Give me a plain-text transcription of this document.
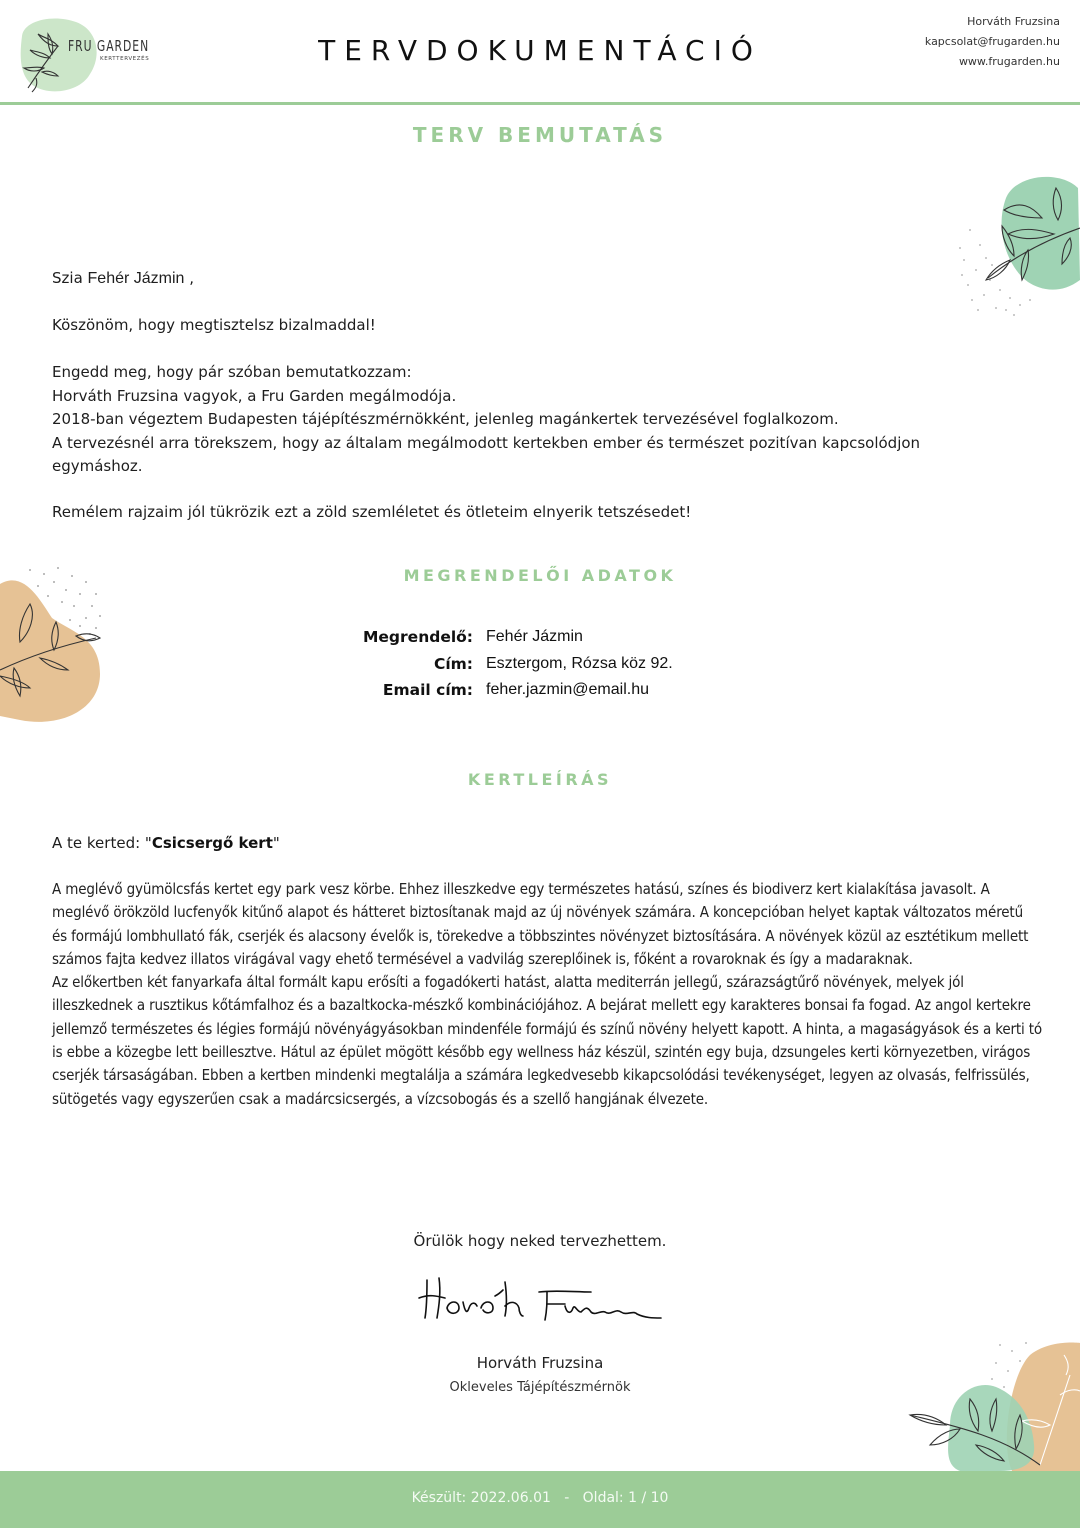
FRU GARDEN
KERTTERVEZÉS	TERVDOKUMENTÁCIÓ
Horváth Fruzsina
kapcsolat@frugarden.hu
www.frugarden.hu
TERV BEMUTATÁS
Szia Fehér Jázmin ,
Köszönöm, hogy megtisztelsz bizalmaddal!
Engedd meg, hogy pár szóban bemutatkozzam:
Horváth Fruzsina vagyok, a Fru Garden megálmodója.
2018-ban végeztem Budapesten tájépítészmérnökként, jelenleg magánkertek tervezésével foglalkozom.
A tervezésnél arra törekszem, hogy az általam megálmodott kertekben ember és természet pozitívan kapcsolódjon egymáshoz.
Remélem rajzaim jól tükrözik ezt a zöld szemléletet és ötleteim elnyerik tetszésedet!
MEGRENDELŐI ADATOK
Megrendelő: Fehér Jázmin
Cím: Esztergom, Rózsa köz 92.
Email cím: feher.jazmin@email.hu
KERTLEÍRÁS
A te kerted: "Csicsergő kert"

A meglévő gyümölcsfás kertet egy park vesz körbe. Ehhez illeszkedve egy természetes hatású, színes és biodiverz kert kialakítása javasolt. A meglévő örökzöld lucfenyők kitűnő alapot és hátteret biztosítanak majd az új növények számára. A koncepcióban helyet kaptak változatos méretű és formájú lombhullató fák, cserjék és alacsony évelők is, törekedve a többszintes növényzet biztosítására. A növények közül az esztétikum mellett számos fajta kedvez illatos virágával vagy ehető termésével a vadvilág szereplőinek is, főként a rovaroknak és így a madaraknak.

Az előkertben két fanyarkafa által formált kapu erősíti a fogadókerti hatást, alatta mediterrán jellegű, szárazságtűrő növények, melyek jól illeszkednek a rusztikus kőtámfalhoz és a bazaltkocka-mészkő kombinációjához. A bejárat mellett egy karakteres bonsai fa fogad. Az angol kertekre jellemző természetes és légies formájú növényágyásokban mindenféle formájú és színű növény helyett kapott. A hinta, a magaságyások és a kerti tó is ebbe a közegbe lett beillesztve. Hátul az épület mögött később egy wellness ház készül, szintén egy buja, dzsungeles kerti környezetben, virágos cserjék társaságában. Ebben a kertben mindenki megtalálja a számára legkedvesebb kikapcsolódási tevékenységet, legyen az olvasás, felfrissülés, sütögetés vagy egyszerűen csak a madárcsicsergés, a vízcsobogás és a szellő hangjának élvezete.

Örülök hogy neked tervezhettem.
Horváth Fruzsina
Okleveles Tájépítészmérnök
Készült: 2022.06.01   -   Oldal: 1 / 10
